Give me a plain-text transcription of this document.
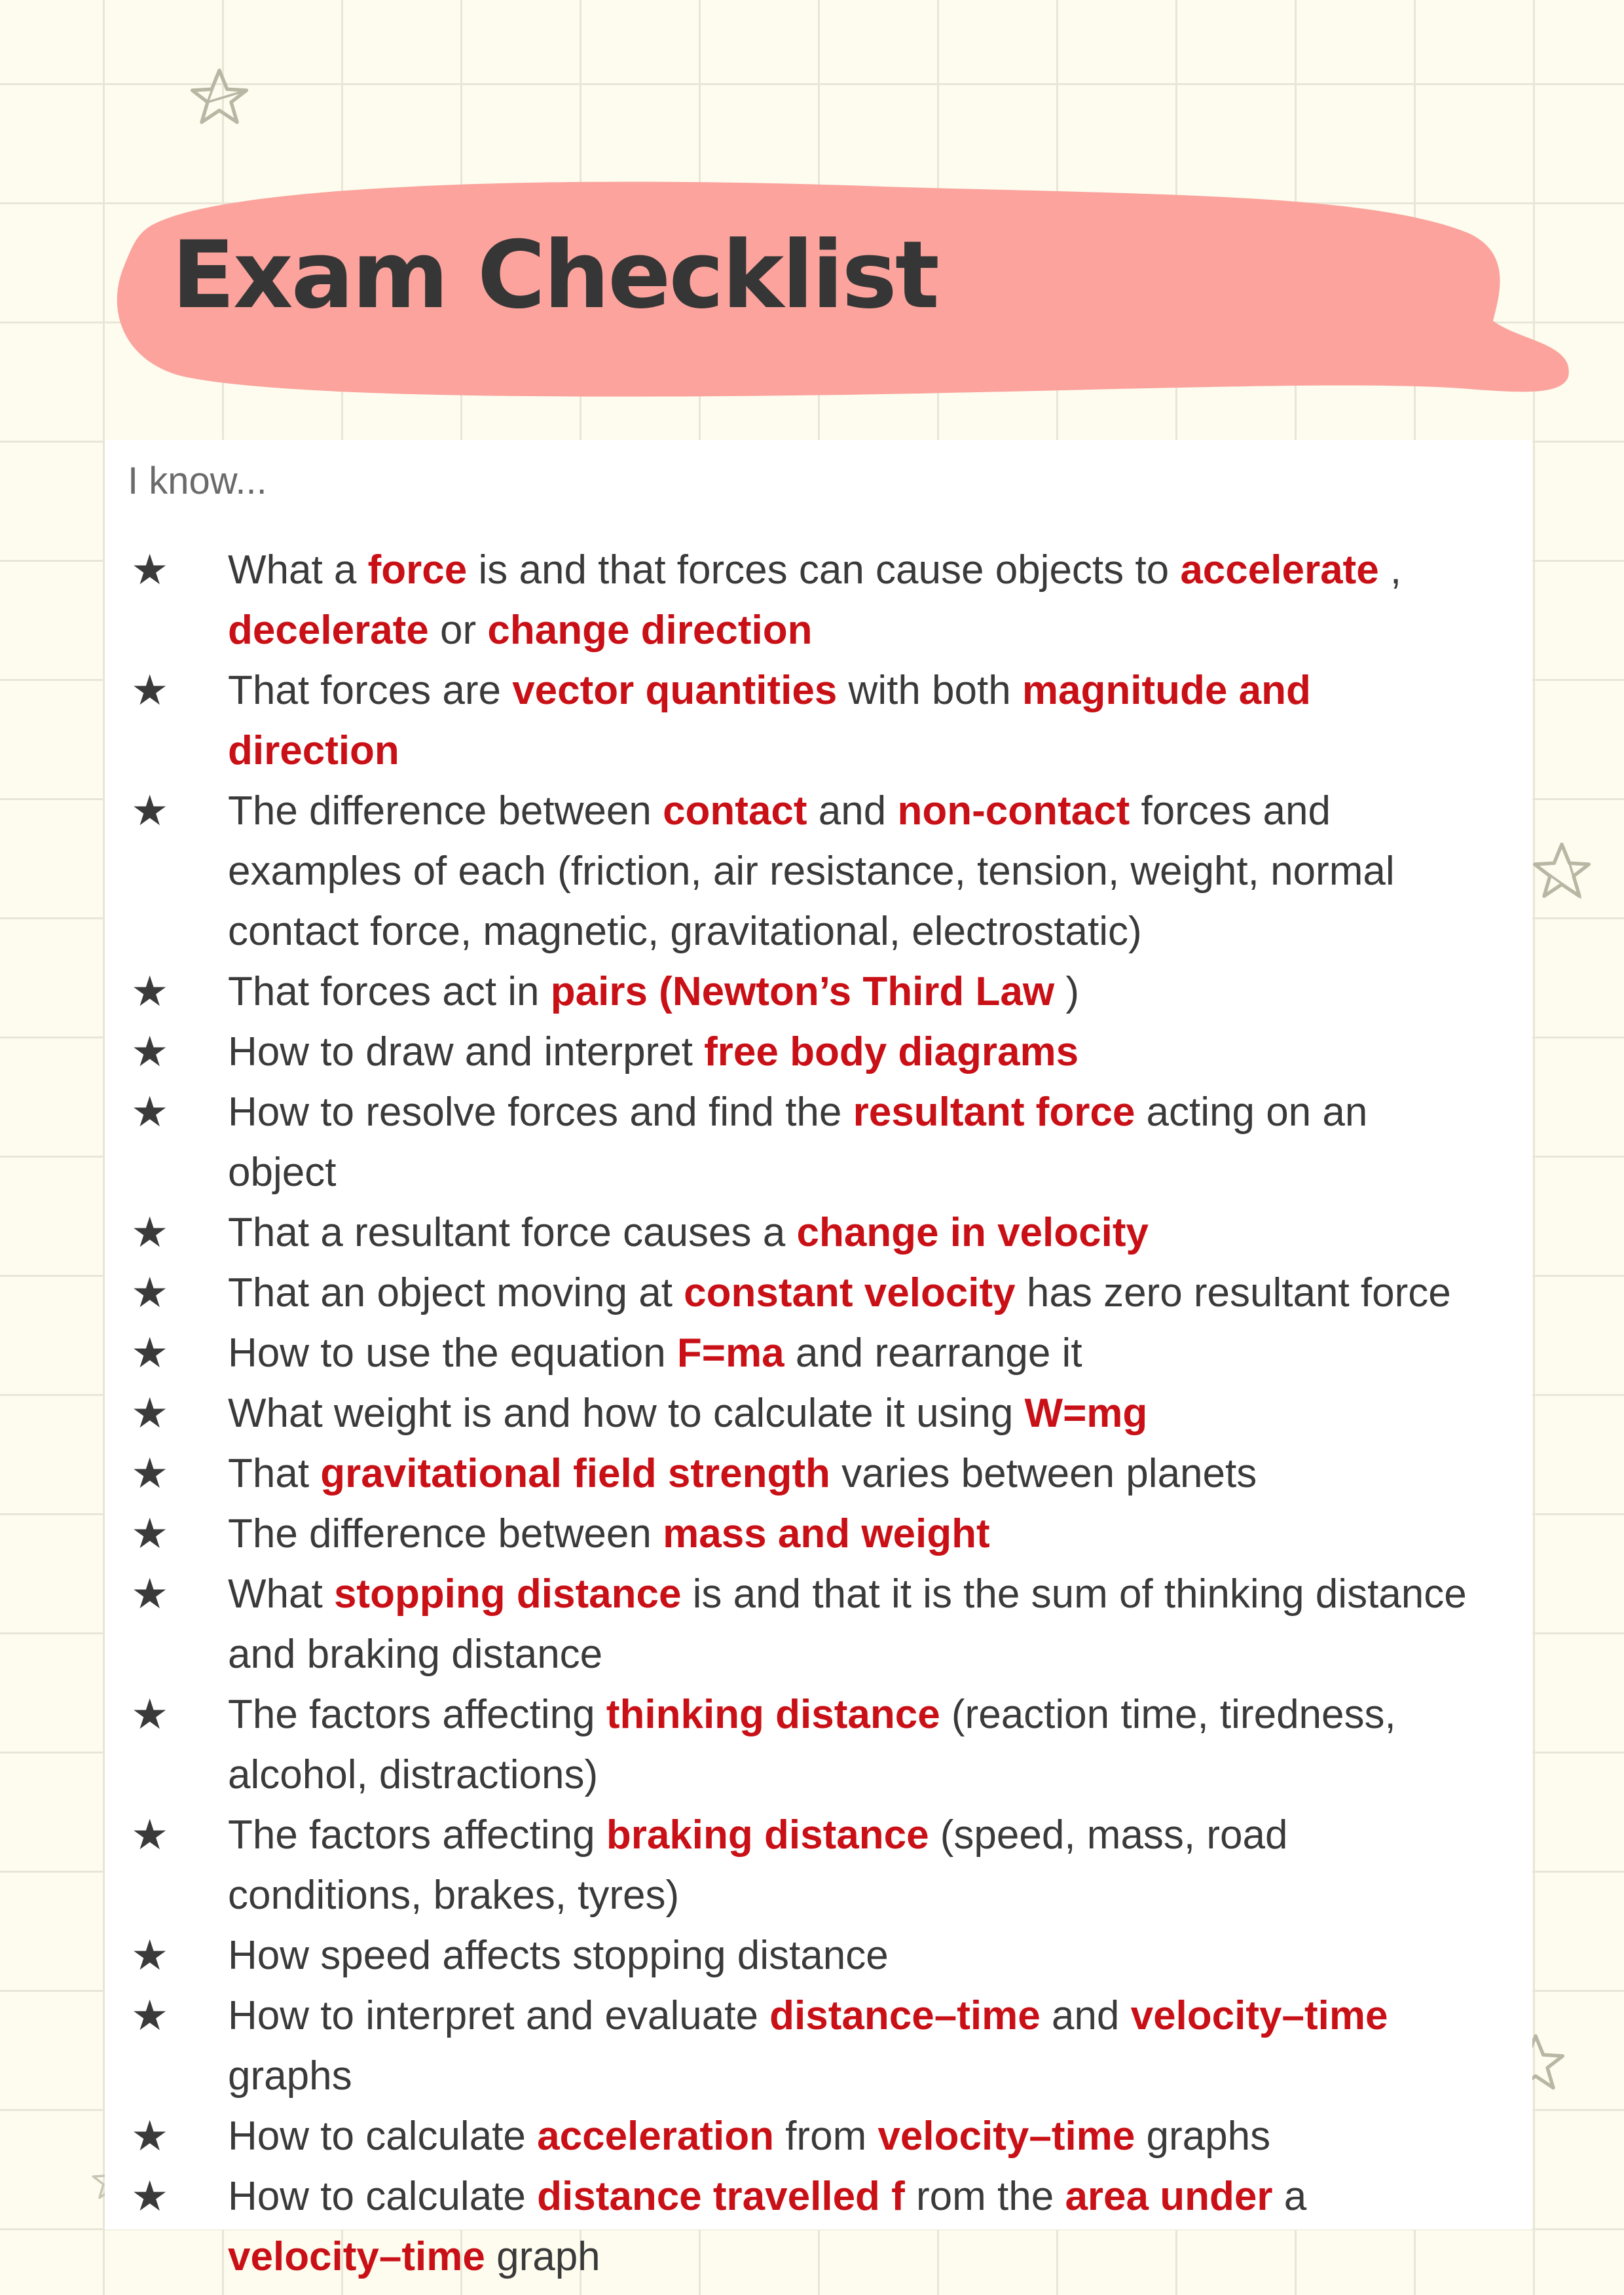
Exam Checklist

I know...

★ What a force is and that forces can cause objects to accelerate , decelerate or change direction
★ That forces are vector quantities with both magnitude and direction
★ The difference between contact and non-contact forces and examples of each (friction, air resistance, tension, weight, normal contact force, magnetic, gravitational, electrostatic)
★ That forces act in pairs (Newton’s Third Law )
★ How to draw and interpret free body diagrams
★ How to resolve forces and find the resultant force acting on an object
★ That a resultant force causes a change in velocity
★ That an object moving at constant velocity has zero resultant force
★ How to use the equation F=ma and rearrange it
★ What weight is and how to calculate it using W=mg
★ That gravitational field strength varies between planets
★ The difference between mass and weight
★ What stopping distance is and that it is the sum of thinking distance and braking distance
★ The factors affecting thinking distance (reaction time, tiredness, alcohol, distractions)
★ The factors affecting braking distance (speed, mass, road conditions, brakes, tyres)
★ How speed affects stopping distance
★ How to interpret and evaluate distance–time and velocity–time graphs
★ How to calculate acceleration from velocity–time graphs
★ How to calculate distance travelled f rom the area under a velocity–time graph
